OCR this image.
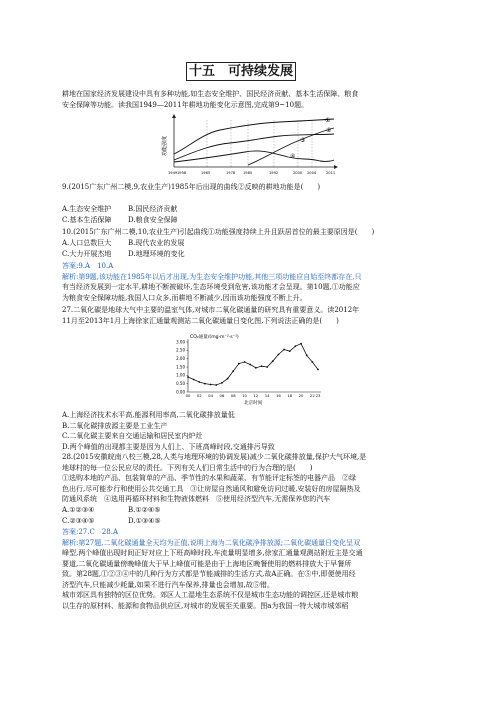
十五　可持续发展
耕地在国家经济发展建设中具有多种功能,如生态安全维护、国民经济贡献、基本生活保障、粮食
安全保障等功能。读我国1949—2011年耕地功能变化示意图,完成第9~10题。
功能强度
①
②
③
④
1949 1958	1965	1978 1985	1992	2000 2004	2011
9.(2015广东广州二模,9,农业生产)1985年后出现的曲线②反映的耕地功能是(　　)
A.生态安全维护 B.国民经济贡献
C.基本生活保障 D.粮食安全保障
10.(2015广东广州二模,10,农业生产)引起曲线①功能强度持续上升且跃居首位的最主要原因是(　　)
A.人口总数巨大 B.现代农业的发展
C.大力开展杰地 D.地理环境的变化
答案:9.A　10.A
解析:第9题,该功能在1985年以后才出现,为生态安全维护功能,其他三项功能应自始至终都存在,只
有当经济发展到一定水平,耕地不断被破坏,生态环境受到危害,该功能才会呈现。第10题,①功能应
为粮食安全保障功能,我国人口众多,而耕地不断减少,因而该功能强度不断上升。
27.二氧化碳是地球大气中主要的温室气体,对城市二氧化碳通量的研究具有重要意义。读2012年
11月至2013年1月上海徐家汇通量观测站二氧化碳通量日变化图,下列说法正确的是(　　)
CO₂通量/(mg·m⁻²·s⁻¹)
北京时间
0.00
0.50
1.00
1.50
2.00
2.50
3.00
00 02 04 06 08 10 12 14 16 18 20 22 23
A.上海经济技术水平高,能源利用率高,二氧化碳排放量低
B.二氧化碳排放源主要是工业生产
C.二氧化碳主要来自交通运输和居民室内炉灶
D.两个峰值的出现都主要是因为人们上、下班高峰时段,交通排污导致
28.(2015安徽皖南八校三模,28,人类与地理环境的协调发展)减少二氧化碳排放量,保护大气环境,是
地球村的每一位公民应尽的责任。下列有关人们日常生活中的行为合理的是(　　)
①选购本地的产品、包装简单的产品、季节性的水果和蔬菜、有节能评定标签的电器产品　②绿
色出行,尽可能步行和使用公共交通工具　③让房屋自然通风和避免访问过暖,安装好的房屋隔热及
防通风系统　④选用再循环材料和生物液体燃料　⑤使用经济型汽车,无需保养您的汽车
A.①②③④	B.①②④⑤
C.②③④⑤	D.①③④⑤
答案:27.C　28.A
解析:第27题,二氧化碳通量全天均为正值,说明上海为二氧化碳净排放源;二氧化碳通量日变化呈双
峰型,两个峰值出现时间正好对应上下班高峰时段,车流量明显增多,徐家汇通量观测站附近主是交通
要道,二氧化碳通量傍晚峰值大于早上峰值可能是由于上海地区晚餐使用的燃料排放大于早餐所
致。第28题,①②③④中的几种行为方式都是节能减排的生活方式,故A正确。在⑤中,即便使用经
济型汽车,只能减少耗量,如果不进行汽车保养,排量也会增加,故⑤错。
城市郊区具有独特的区位优势。郊区人工湿地生态系统不仅是城市生态功能的调控区,还是城市粮
以生存的原材料、能源和食物品供应区,对城市的发展至关重要。图a为我国一特大城市城郊稻
